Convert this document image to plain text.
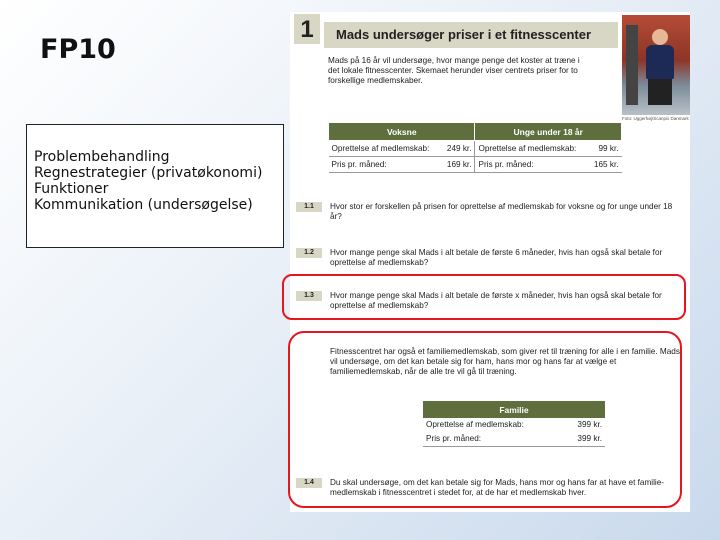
FP10
Problembehandling
Regnestrategier (privatøkonomi)
Funktioner
Kommunikation (undersøgelse)
1	Mads undersøger priser i et fitnesscenter
Foto: Uggerhøj/Scanpix Danmark
Mads på 16 år vil undersøge, hvor mange penge det koster at træne i det lokale fitnesscenter. Skemaet herunder viser centrets priser for to forskellige medlemskaber.
Voksne		Unge under 18 år	
Oprettelse af medlemskab:	249 kr.	Oprettelse af medlemskab:	99 kr.
Pris pr. måned:	169 kr.	Pris pr. måned:	165 kr.
1.1	Hvor stor er forskellen på prisen for oprettelse af medlemskab for voksne og for unge under 18 år?
1.2	Hvor mange penge skal Mads i alt betale de første 6 måneder, hvis han også skal betale for oprettelse af medlemskab?
1.3	Hvor mange penge skal Mads i alt betale de første x måneder, hvis han også skal betale for oprettelse af medlemskab?
Fitnesscentret har også et familiemedlemskab, som giver ret til træning for alle i en familie. Mads vil undersøge, om det kan betale sig for ham, hans mor og hans far at vælge et familiemedlemskab, når de alle tre vil gå til træning.
Familie	
Oprettelse af medlemskab:	399 kr.
Pris pr. måned:	399 kr.
1.4	Du skal undersøge, om det kan betale sig for Mads, hans mor og hans far at have et familie-medlemskab i fitnesscentret i stedet for, at de har et medlemskab hver.
